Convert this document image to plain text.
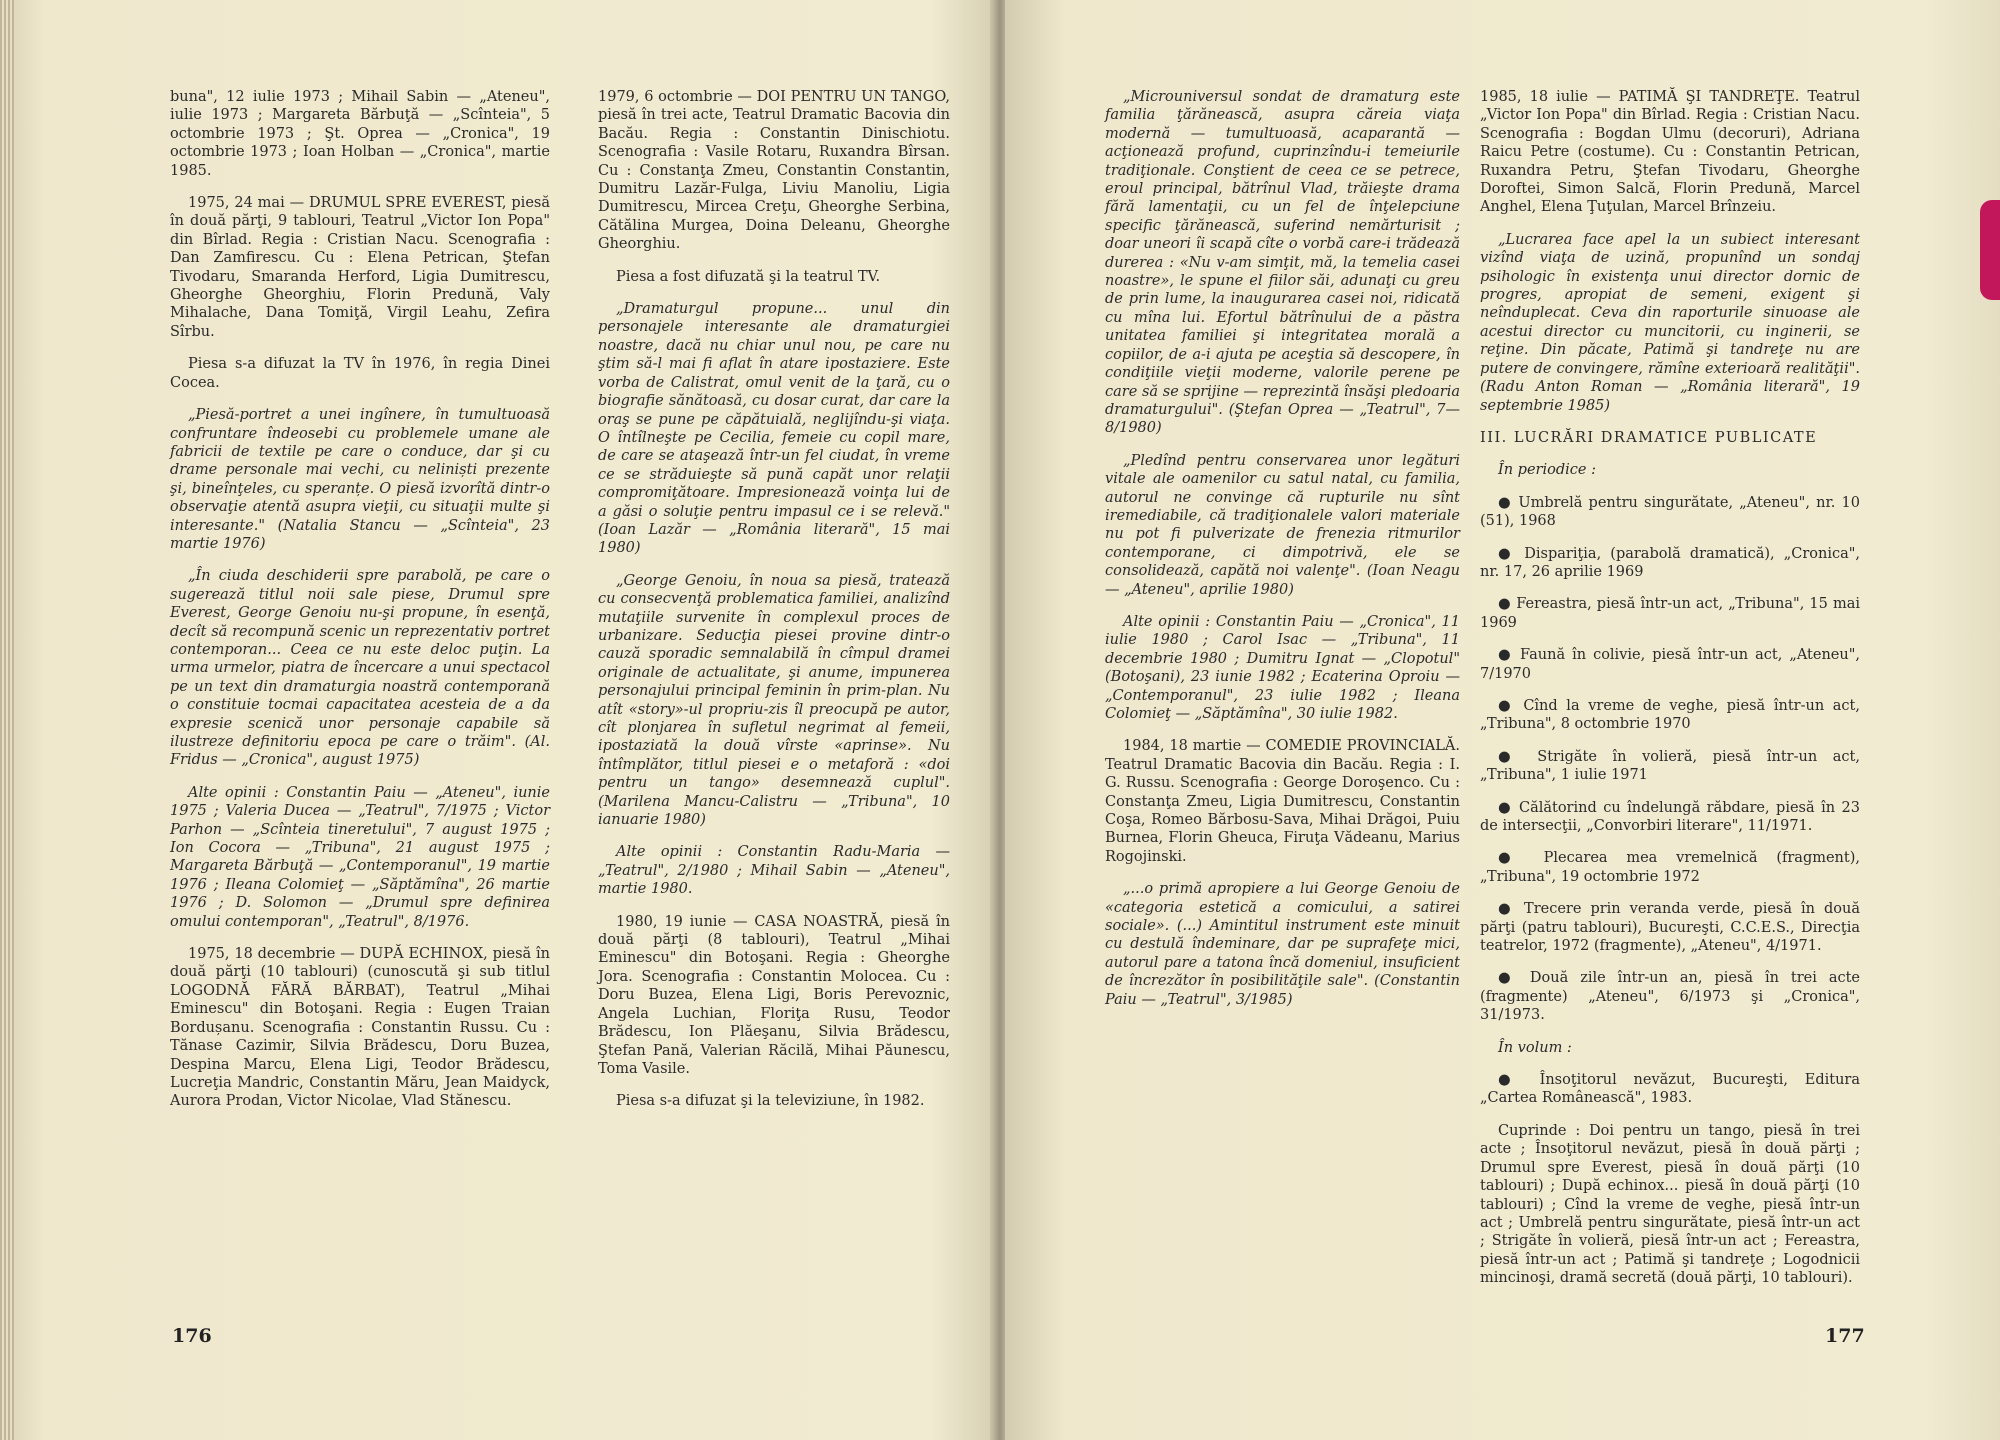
buna", 12 iulie 1973 ; Mihail Sabin — „Ateneu", iulie 1973 ; Margareta Bărbuţă — „Scînteia", 5 octombrie 1973 ; Şt. Oprea — „Cronica", 19 octombrie 1973 ; Ioan Holban — „Cronica", martie 1985.

1975, 24 mai — DRUMUL SPRE EVEREST, piesă în două părţi, 9 tablouri, Teatrul „Victor Ion Popa" din Bîrlad. Regia : Cristian Nacu. Scenografia : Dan Zamfirescu. Cu : Elena Petrican, Ştefan Tivodaru, Smaranda Herford, Ligia Dumitrescu, Gheorghe Gheorghiu, Florin Predună, Valy Mihalache, Dana Tomiţă, Virgil Leahu, Zefira Sîrbu.

Piesa s-a difuzat la TV în 1976, în regia Dinei Cocea.

„Piesă-portret a unei ingînere, în tumultuoasă confruntare îndeosebi cu problemele umane ale fabricii de textile pe care o conduce, dar şi cu drame personale mai vechi, cu neliniști prezente şi, bineînţeles, cu speranțe. O piesă izvorîtă dintr-o observaţie atentă asupra vieţii, cu situaţii multe şi interesante." (Natalia Stancu — „Scînteia", 23 martie 1976)

„În ciuda deschiderii spre parabolă, pe care o sugerează titlul noii sale piese, Drumul spre Everest, George Genoiu nu-şi propune, în esenţă, decît să recompună scenic un reprezentativ portret contemporan... Ceea ce nu este deloc puţin. La urma urmelor, piatra de încercare a unui spectacol pe un text din dramaturgia noastră contemporană o constituie tocmai capacitatea acesteia de a da expresie scenică unor personaje capabile să ilustreze definitoriu epoca pe care o trăim". (Al. Fridus — „Cronica", august 1975)

Alte opinii : Constantin Paiu — „Ateneu", iunie 1975 ; Valeria Ducea — „Teatrul", 7/1975 ; Victor Parhon — „Scînteia tineretului", 7 august 1975 ; Ion Cocora — „Tribuna", 21 august 1975 ; Margareta Bărbuţă — „Contemporanul", 19 martie 1976 ; Ileana Colomieţ — „Săptămîna", 26 martie 1976 ; D. Solomon — „Drumul spre definirea omului contemporan", „Teatrul", 8/1976.

1975, 18 decembrie — DUPĂ ECHINOX, piesă în două părţi (10 tablouri) (cunoscută şi sub titlul LOGODNĂ FĂRĂ BĂRBAT), Teatrul „Mihai Eminescu" din Botoşani. Regia : Eugen Traian Bordușanu. Scenografia : Constantin Russu. Cu : Tănase Cazimir, Silvia Brădescu, Doru Buzea, Despina Marcu, Elena Ligi, Teodor Brădescu, Lucreţia Mandric, Constantin Măru, Jean Maidyck, Aurora Prodan, Victor Nicolae, Vlad Stănescu.

1979, 6 octombrie — DOI PENTRU UN TANGO, piesă în trei acte, Teatrul Dramatic Bacovia din Bacău. Regia : Constantin Dinischiotu. Scenografia : Vasile Rotaru, Ruxandra Bîrsan. Cu : Constanţa Zmeu, Constantin Constantin, Dumitru Lazăr-Fulga, Liviu Manoliu, Ligia Dumitrescu, Mircea Creţu, Gheorghe Serbina, Cătălina Murgea, Doina Deleanu, Gheorghe Gheorghiu.

Piesa a fost difuzată şi la teatrul TV.

„Dramaturgul propune... unul din personajele interesante ale dramaturgiei noastre, dacă nu chiar unul nou, pe care nu ştim să-l mai fi aflat în atare ipostaziere. Este vorba de Calistrat, omul venit de la ţară, cu o biografie sănătoasă, cu dosar curat, dar care la oraş se pune pe căpătuială, neglijîndu-şi viaţa. O întîlneşte pe Cecilia, femeie cu copil mare, de care se ataşează într-un fel ciudat, în vreme ce se străduieşte să pună capăt unor relaţii compromiţătoare. Impresionează voinţa lui de a găsi o soluţie pentru impasul ce i se relevă." (Ioan Lazăr — „România literară", 15 mai 1980)

„George Genoiu, în noua sa piesă, tratează cu consecvenţă problematica familiei, analizînd mutaţiile survenite în complexul proces de urbanizare. Seducţia piesei provine dintr-o cauză sporadic semnalabilă în cîmpul dramei originale de actualitate, şi anume, impunerea personajului principal feminin în prim-plan. Nu atît «story»-ul propriu-zis îl preocupă pe autor, cît plonjarea în sufletul negrimat al femeii, ipostaziată la două vîrste «aprinse». Nu întîmplător, titlul piesei e o metaforă : «doi pentru un tango» desemnează cuplul". (Marilena Mancu-Calistru — „Tribuna", 10 ianuarie 1980)

Alte opinii : Constantin Radu-Maria — „Teatrul", 2/1980 ; Mihail Sabin — „Ateneu", martie 1980.

1980, 19 iunie — CASA NOASTRĂ, piesă în două părţi (8 tablouri), Teatrul „Mihai Eminescu" din Botoşani. Regia : Gheorghe Jora. Scenografia : Constantin Molocea. Cu : Doru Buzea, Elena Ligi, Boris Perevoznic, Angela Luchian, Floriţa Rusu, Teodor Brădescu, Ion Plăeşanu, Silvia Brădescu, Ştefan Pană, Valerian Răcilă, Mihai Păunescu, Toma Vasile.

Piesa s-a difuzat şi la televiziune, în 1982.

176

„Microuniversul sondat de dramaturg este familia ţărănească, asupra căreia viaţa modernă — tumultuoasă, acaparantă — acţionează profund, cuprinzîndu-i temeiurile tradiţionale. Conştient de ceea ce se petrece, eroul principal, bătrînul Vlad, trăieşte drama fără lamentaţii, cu un fel de înţelepciune specific ţărănească, suferind nemărturisit ; doar uneori îi scapă cîte o vorbă care-i trădează durerea : «Nu v-am simţit, mă, la temelia casei noastre», le spune el fiilor săi, adunaţi cu greu de prin lume, la inaugurarea casei noi, ridicată cu mîna lui. Efortul bătrînului de a păstra unitatea familiei şi integritatea morală a copiilor, de a-i ajuta pe aceştia să descopere, în condiţiile vieţii moderne, valorile perene pe care să se sprijine — reprezintă însăşi pledoaria dramaturgului". (Ştefan Oprea — „Teatrul", 7—8/1980)

„Pledînd pentru conservarea unor legături vitale ale oamenilor cu satul natal, cu familia, autorul ne convinge că rupturile nu sînt iremediabile, că tradiţionalele valori materiale nu pot fi pulverizate de frenezia ritmurilor contemporane, ci dimpotrivă, ele se consolidează, capătă noi valenţe". (Ioan Neagu — „Ateneu", aprilie 1980)

Alte opinii : Constantin Paiu — „Cronica", 11 iulie 1980 ; Carol Isac — „Tribuna", 11 decembrie 1980 ; Dumitru Ignat — „Clopotul" (Botoşani), 23 iunie 1982 ; Ecaterina Oproiu — „Contemporanul", 23 iulie 1982 ; Ileana Colomieţ — „Săptămîna", 30 iulie 1982.

1984, 18 martie — COMEDIE PROVINCIALĂ. Teatrul Dramatic Bacovia din Bacău. Regia : I. G. Russu. Scenografia : George Doroşenco. Cu : Constanţa Zmeu, Ligia Dumitrescu, Constantin Coşa, Romeo Bărbosu-Sava, Mihai Drăgoi, Puiu Burnea, Florin Gheuca, Firuţa Vădeanu, Marius Rogojinski.

„...o primă apropiere a lui George Genoiu de «categoria estetică a comicului, a satirei sociale». (...) Amintitul instrument este minuit cu destulă îndeminare, dar pe suprafeţe mici, autorul pare a tatona încă domeniul, insuficient de încrezător în posibilităţile sale". (Constantin Paiu — „Teatrul", 3/1985)

1985, 18 iulie — PATIMĂ ŞI TANDREŢE. Teatrul „Victor Ion Popa" din Bîrlad. Regia : Cristian Nacu. Scenografia : Bogdan Ulmu (decoruri), Adriana Raicu Petre (costume). Cu : Constantin Petrican, Ruxandra Petru, Ştefan Tivodaru, Gheorghe Doroftei, Simon Salcă, Florin Predună, Marcel Anghel, Elena Ţuţulan, Marcel Brînzeiu.

„Lucrarea face apel la un subiect interesant vizînd viaţa de uzină, propunînd un sondaj psihologic în existenţa unui director dornic de progres, apropiat de semeni, exigent şi neînduplecat. Ceva din raporturile sinuoase ale acestui director cu muncitorii, cu inginerii, se reţine. Din păcate, Patimă şi tandreţe nu are putere de convingere, rămîne exterioară realităţii". (Radu Anton Roman — „România literară", 19 septembrie 1985)

III. LUCRĂRI DRAMATICE PUBLICATE

În periodice :

● Umbrelă pentru singurătate, „Ateneu", nr. 10 (51), 1968

● Dispariţia, (parabolă dramatică), „Cronica", nr. 17, 26 aprilie 1969

● Fereastra, piesă într-un act, „Tribuna", 15 mai 1969

● Faună în colivie, piesă într-un act, „Ateneu", 7/1970

● Cînd la vreme de veghe, piesă într-un act, „Tribuna", 8 octombrie 1970

● Strigăte în volieră, piesă într-un act, „Tribuna", 1 iulie 1971

● Călătorind cu îndelungă răbdare, piesă în 23 de intersecţii, „Convorbiri literare", 11/1971.

● Plecarea mea vremelnică (fragment), „Tribuna", 19 octombrie 1972

● Trecere prin veranda verde, piesă în două părţi (patru tablouri), Bucureşti, C.C.E.S., Direcţia teatrelor, 1972 (fragmente), „Ateneu", 4/1971.

● Două zile într-un an, piesă în trei acte (fragmente) „Ateneu", 6/1973 şi „Cronica", 31/1973.

În volum :

● Însoţitorul nevăzut, Bucureşti, Editura „Cartea Românească", 1983.

Cuprinde : Doi pentru un tango, piesă în trei acte ; Însoţitorul nevăzut, piesă în două părţi ; Drumul spre Everest, piesă în două părţi (10 tablouri) ; După echinox... piesă în două părţi (10 tablouri) ; Cînd la vreme de veghe, piesă într-un act ; Umbrelă pentru singurătate, piesă într-un act ; Strigăte în volieră, piesă într-un act ; Fereastra, piesă într-un act ; Patimă şi tandreţe ; Logodnicii mincinoşi, dramă secretă (două părţi, 10 tablouri).

177
